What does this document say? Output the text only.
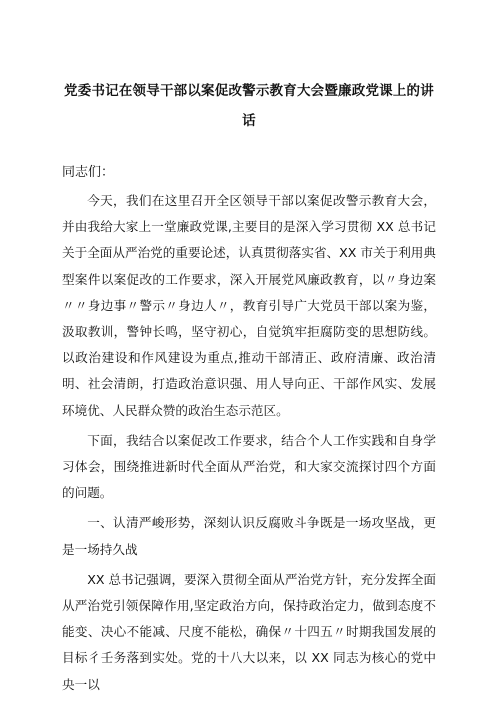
党委书记在领导干部以案促改警示教育大会暨廉政党课上的讲
话
同志们：

今天，我们在这里召开全区领导干部以案促改警示教育大会，并由我给大家上一堂廉政党课,主要目的是深入学习贯彻 XX 总书记关于全面从严治党的重要论述，认真贯彻落实省、XX 市关于利用典型案件以案促改的工作要求，深入开展党风廉政教育，以〃身边案〃〃身边事〃警示〃身边人〃，教育引导广大党员干部以案为鉴，汲取教训，警钟长鸣，坚守初心，自觉筑牢拒腐防变的思想防线。以政治建设和作风建设为重点,推动干部清正、政府清廉、政治清明、社会清朗，打造政治意识强、用人导向正、干部作风实、发展环境优、人民群众赞的政治生态示范区。

下面，我结合以案促改工作要求，结合个人工作实践和自身学习体会，围绕推进新时代全面从严治党，和大家交流探讨四个方面的问题。

一、认清严峻形势，深刻认识反腐败斗争既是一场攻坚战，更是一场持久战

XX 总书记强调，要深入贯彻全面从严治党方针，充分发挥全面从严治党引领保障作用,坚定政治方向，保持政治定力，做到态度不能变、决心不能减、尺度不能松，确保〃十四五〃时期我国发展的目标彳壬务落到实处。党的十八大以来，以 XX 同志为核心的党中央一以
